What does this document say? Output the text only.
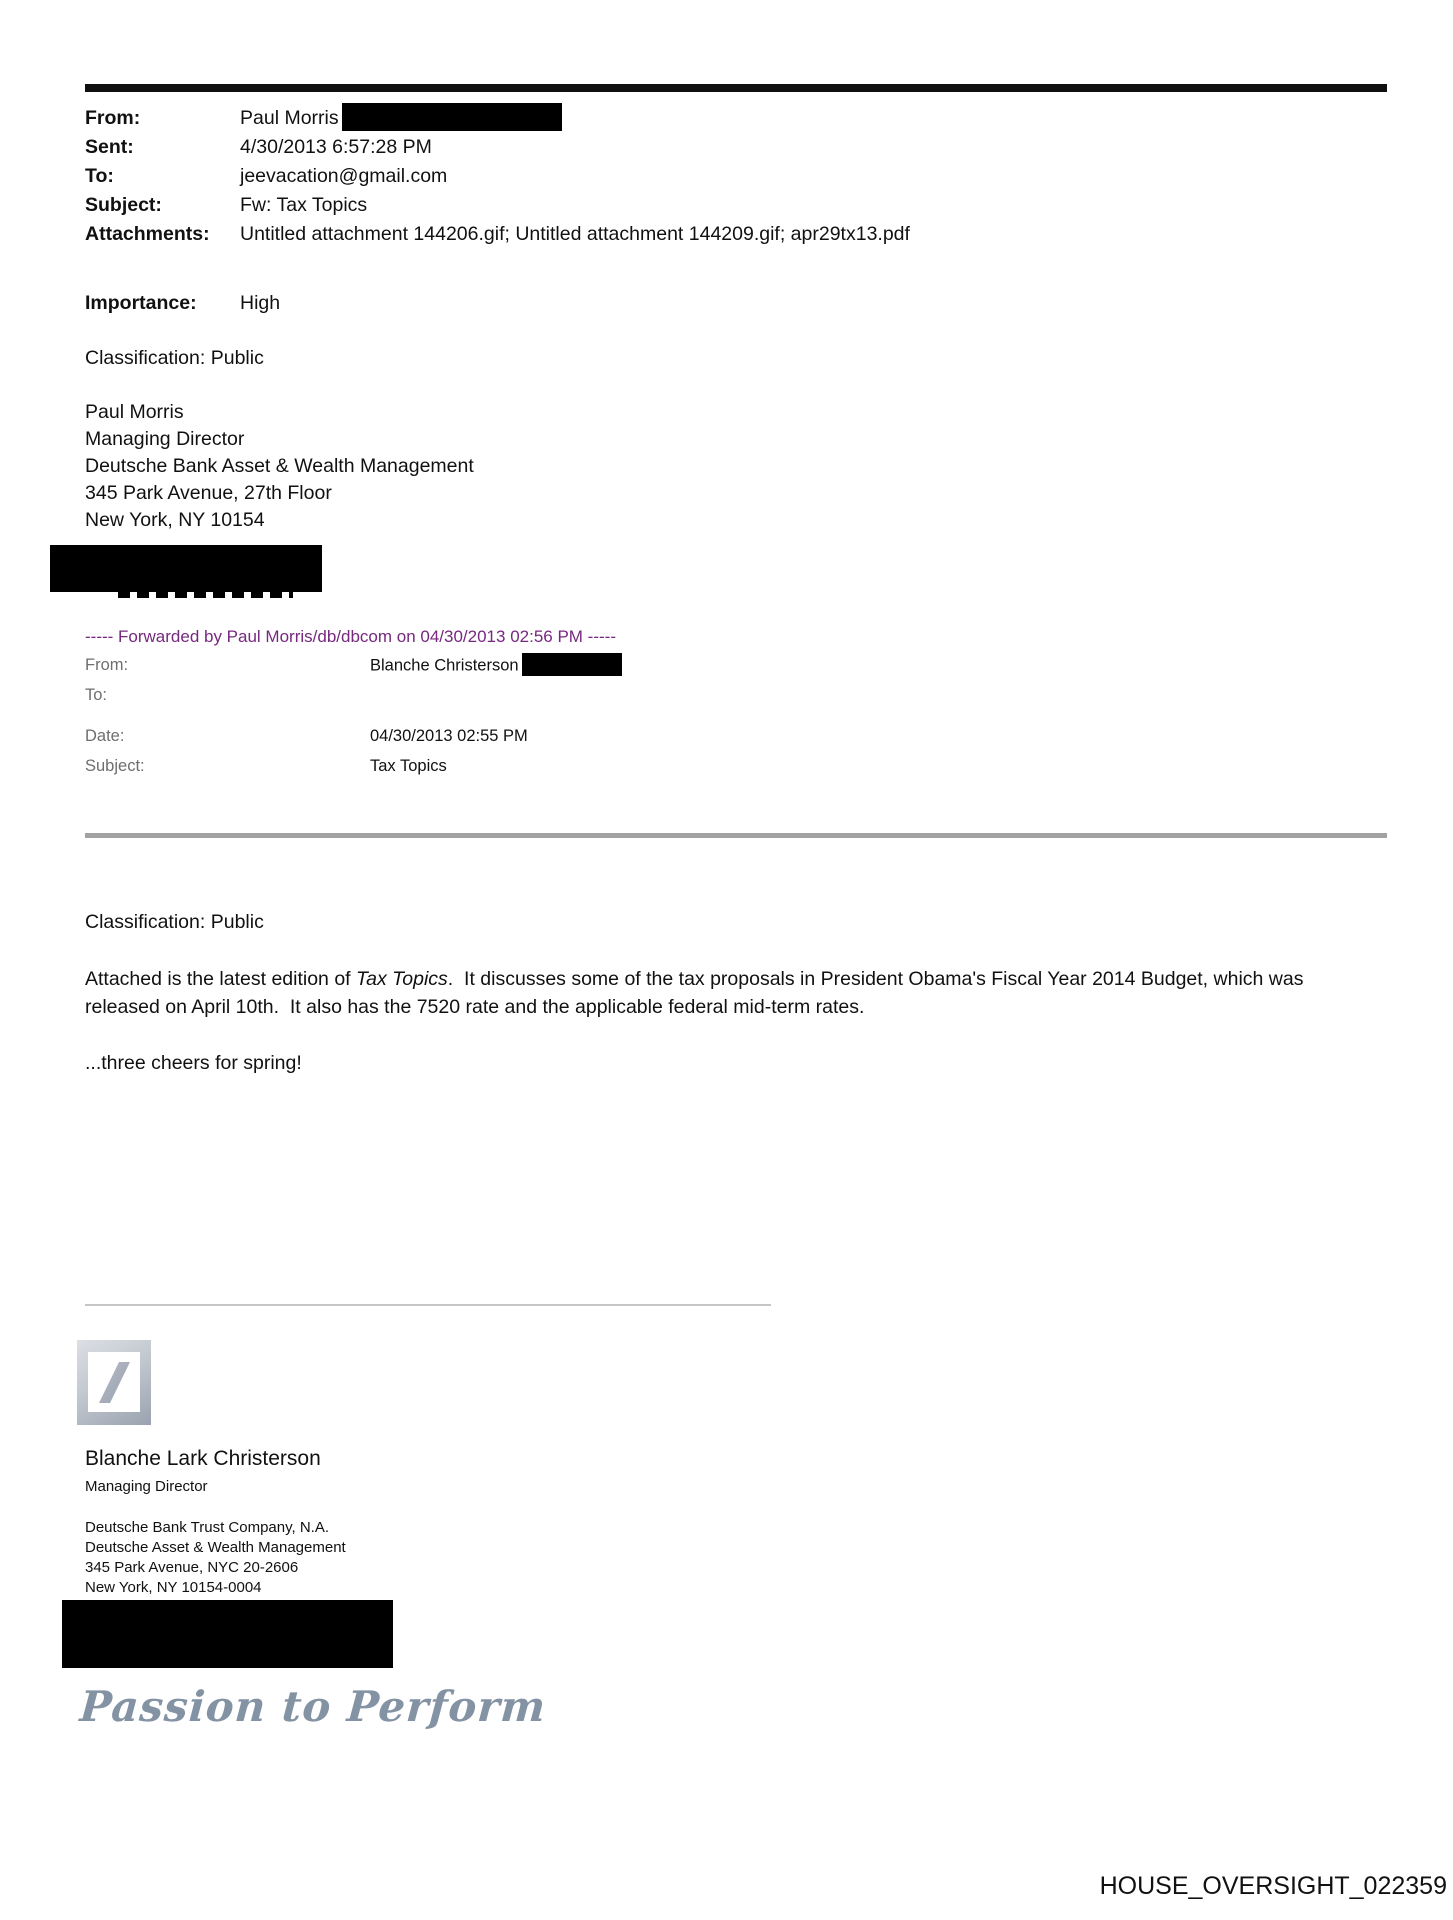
From:	Paul Morris
Sent:	4/30/2013 6:57:28 PM
To:	jeevacation@gmail.com
Subject:	Fw: Tax Topics
Attachments:	Untitled attachment 144206.gif; Untitled attachment 144209.gif; apr29tx13.pdf
Importance:	High
Classification: Public
Paul Morris
Managing Director
Deutsche Bank Asset & Wealth Management
345 Park Avenue, 27th Floor
New York, NY 10154
----- Forwarded by Paul Morris/db/dbcom on 04/30/2013 02:56 PM -----
From:	Blanche Christerson
To:
Date:	04/30/2013 02:55 PM
Subject:	Tax Topics
Classification: Public
Attached is the latest edition of Tax Topics.  It discusses some of the tax proposals in President Obama's Fiscal Year 2014 Budget, which was released on April 10th.  It also has the 7520 rate and the applicable federal mid-term rates.
...three cheers for spring!
Blanche Lark Christerson
Managing Director
Deutsche Bank Trust Company, N.A.
Deutsche Asset & Wealth Management
345 Park Avenue, NYC 20-2606
New York, NY 10154-0004
Passion to Perform
HOUSE_OVERSIGHT_022359
